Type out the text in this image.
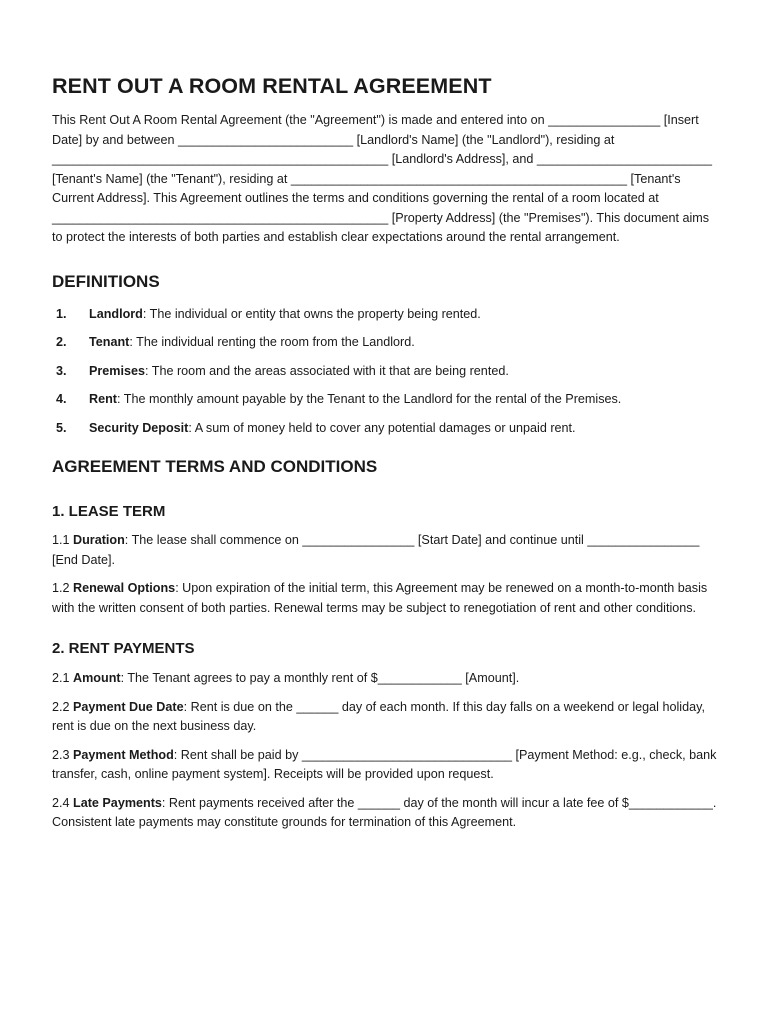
RENT OUT A ROOM RENTAL AGREEMENT

This Rent Out A Room Rental Agreement (the "Agreement") is made and entered into on ________________ [Insert Date] by and between _________________________ [Landlord's Name] (the "Landlord"), residing at ________________________________________________ [Landlord's Address], and _________________________ [Tenant's Name] (the "Tenant"), residing at ________________________________________________ [Tenant's Current Address]. This Agreement outlines the terms and conditions governing the rental of a room located at ________________________________________________ [Property Address] (the "Premises"). This document aims to protect the interests of both parties and establish clear expectations around the rental arrangement.

DEFINITIONS
1. Landlord: The individual or entity that owns the property being rented.
2. Tenant: The individual renting the room from the Landlord.
3. Premises: The room and the areas associated with it that are being rented.
4. Rent: The monthly amount payable by the Tenant to the Landlord for the rental of the Premises.
5. Security Deposit: A sum of money held to cover any potential damages or unpaid rent.
AGREEMENT TERMS AND CONDITIONS
1. LEASE TERM

1.1 Duration: The lease shall commence on ________________ [Start Date] and continue until ________________ [End Date].

1.2 Renewal Options: Upon expiration of the initial term, this Agreement may be renewed on a month-to-month basis with the written consent of both parties. Renewal terms may be subject to renegotiation of rent and other conditions.

2. RENT PAYMENTS

2.1 Amount: The Tenant agrees to pay a monthly rent of $____________ [Amount].

2.2 Payment Due Date: Rent is due on the ______ day of each month. If this day falls on a weekend or legal holiday, rent is due on the next business day.

2.3 Payment Method: Rent shall be paid by ______________________________ [Payment Method: e.g., check, bank transfer, cash, online payment system]. Receipts will be provided upon request.

2.4 Late Payments: Rent payments received after the ______ day of the month will incur a late fee of $____________. Consistent late payments may constitute grounds for termination of this Agreement.
